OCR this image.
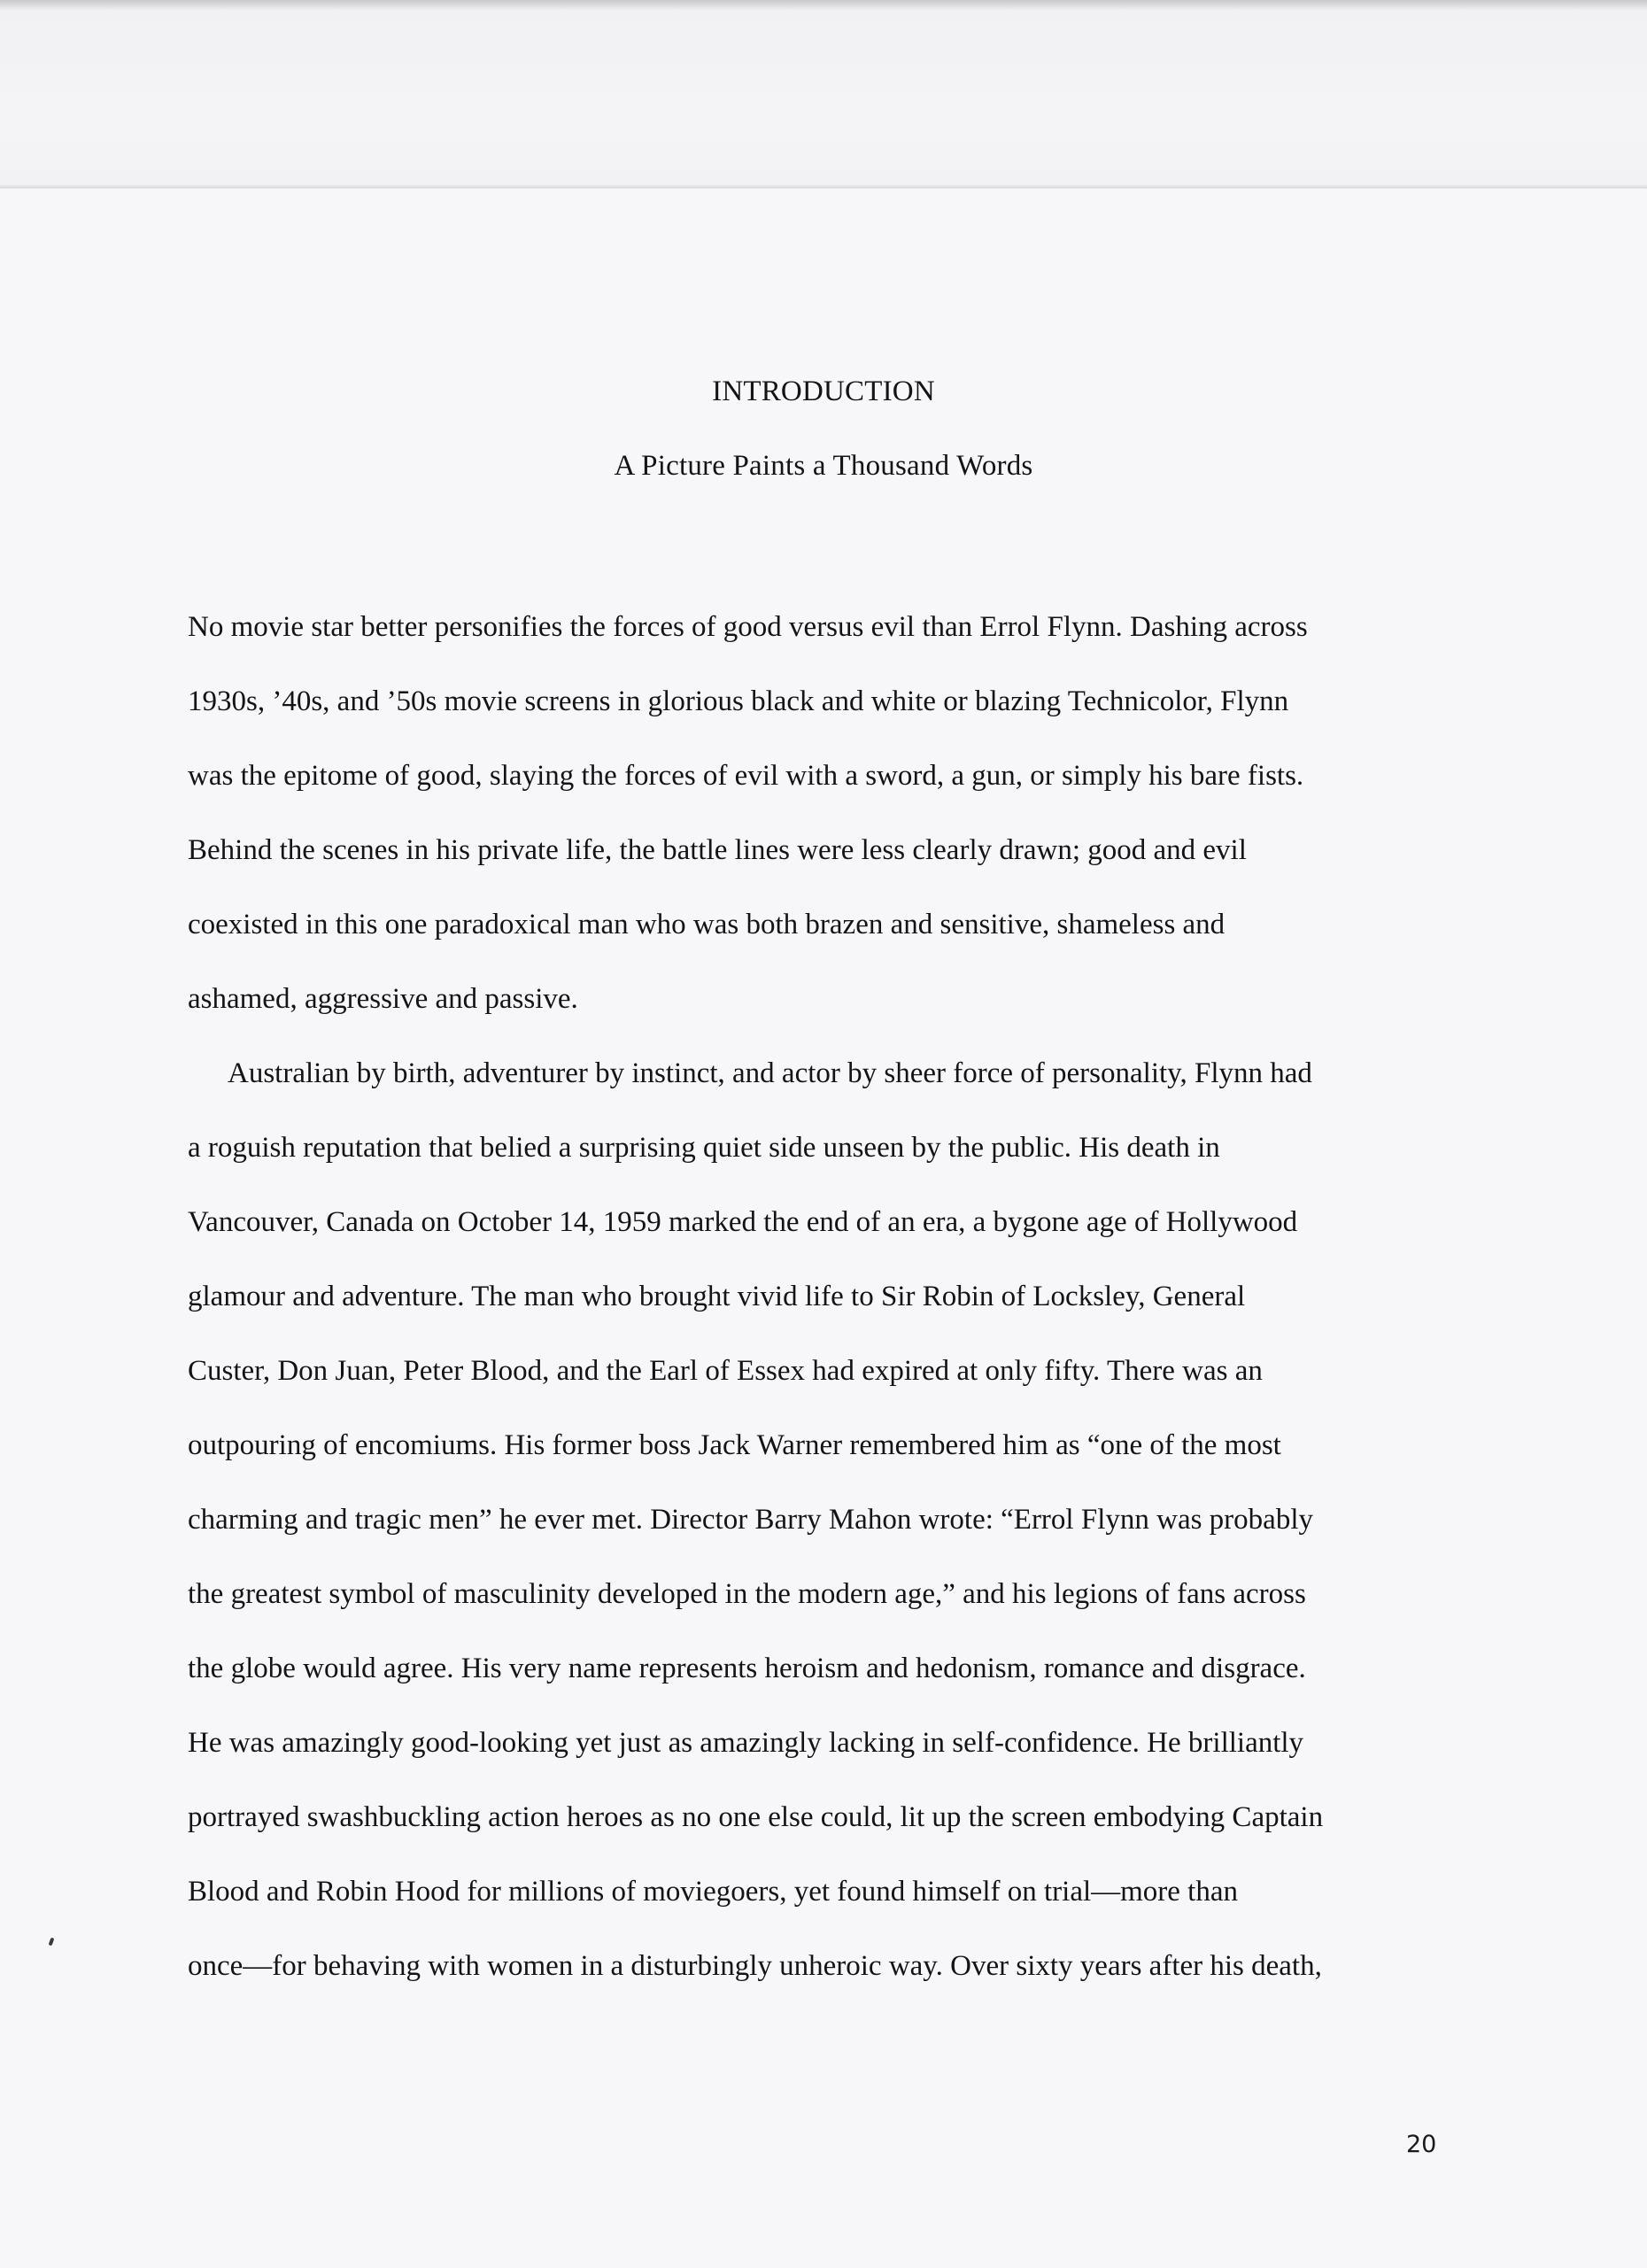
INTRODUCTION
A Picture Paints a Thousand Words

No movie star better personifies the forces of good versus evil than Errol Flynn. Dashing across
1930s, ’40s, and ’50s movie screens in glorious black and white or blazing Technicolor, Flynn
was the epitome of good, slaying the forces of evil with a sword, a gun, or simply his bare fists.
Behind the scenes in his private life, the battle lines were less clearly drawn; good and evil
coexisted in this one paradoxical man who was both brazen and sensitive, shameless and
ashamed, aggressive and passive.

Australian by birth, adventurer by instinct, and actor by sheer force of personality, Flynn had
a roguish reputation that belied a surprising quiet side unseen by the public. His death in
Vancouver, Canada on October 14, 1959 marked the end of an era, a bygone age of Hollywood
glamour and adventure. The man who brought vivid life to Sir Robin of Locksley, General
Custer, Don Juan, Peter Blood, and the Earl of Essex had expired at only fifty. There was an
outpouring of encomiums. His former boss Jack Warner remembered him as “one of the most
charming and tragic men” he ever met. Director Barry Mahon wrote: “Errol Flynn was probably
the greatest symbol of masculinity developed in the modern age,” and his legions of fans across
the globe would agree. His very name represents heroism and hedonism, romance and disgrace.
He was amazingly good-looking yet just as amazingly lacking in self-confidence. He brilliantly
portrayed swashbuckling action heroes as no one else could, lit up the screen embodying Captain
Blood and Robin Hood for millions of moviegoers, yet found himself on trial—more than
once—for behaving with women in a disturbingly unheroic way. Over sixty years after his death,

20
